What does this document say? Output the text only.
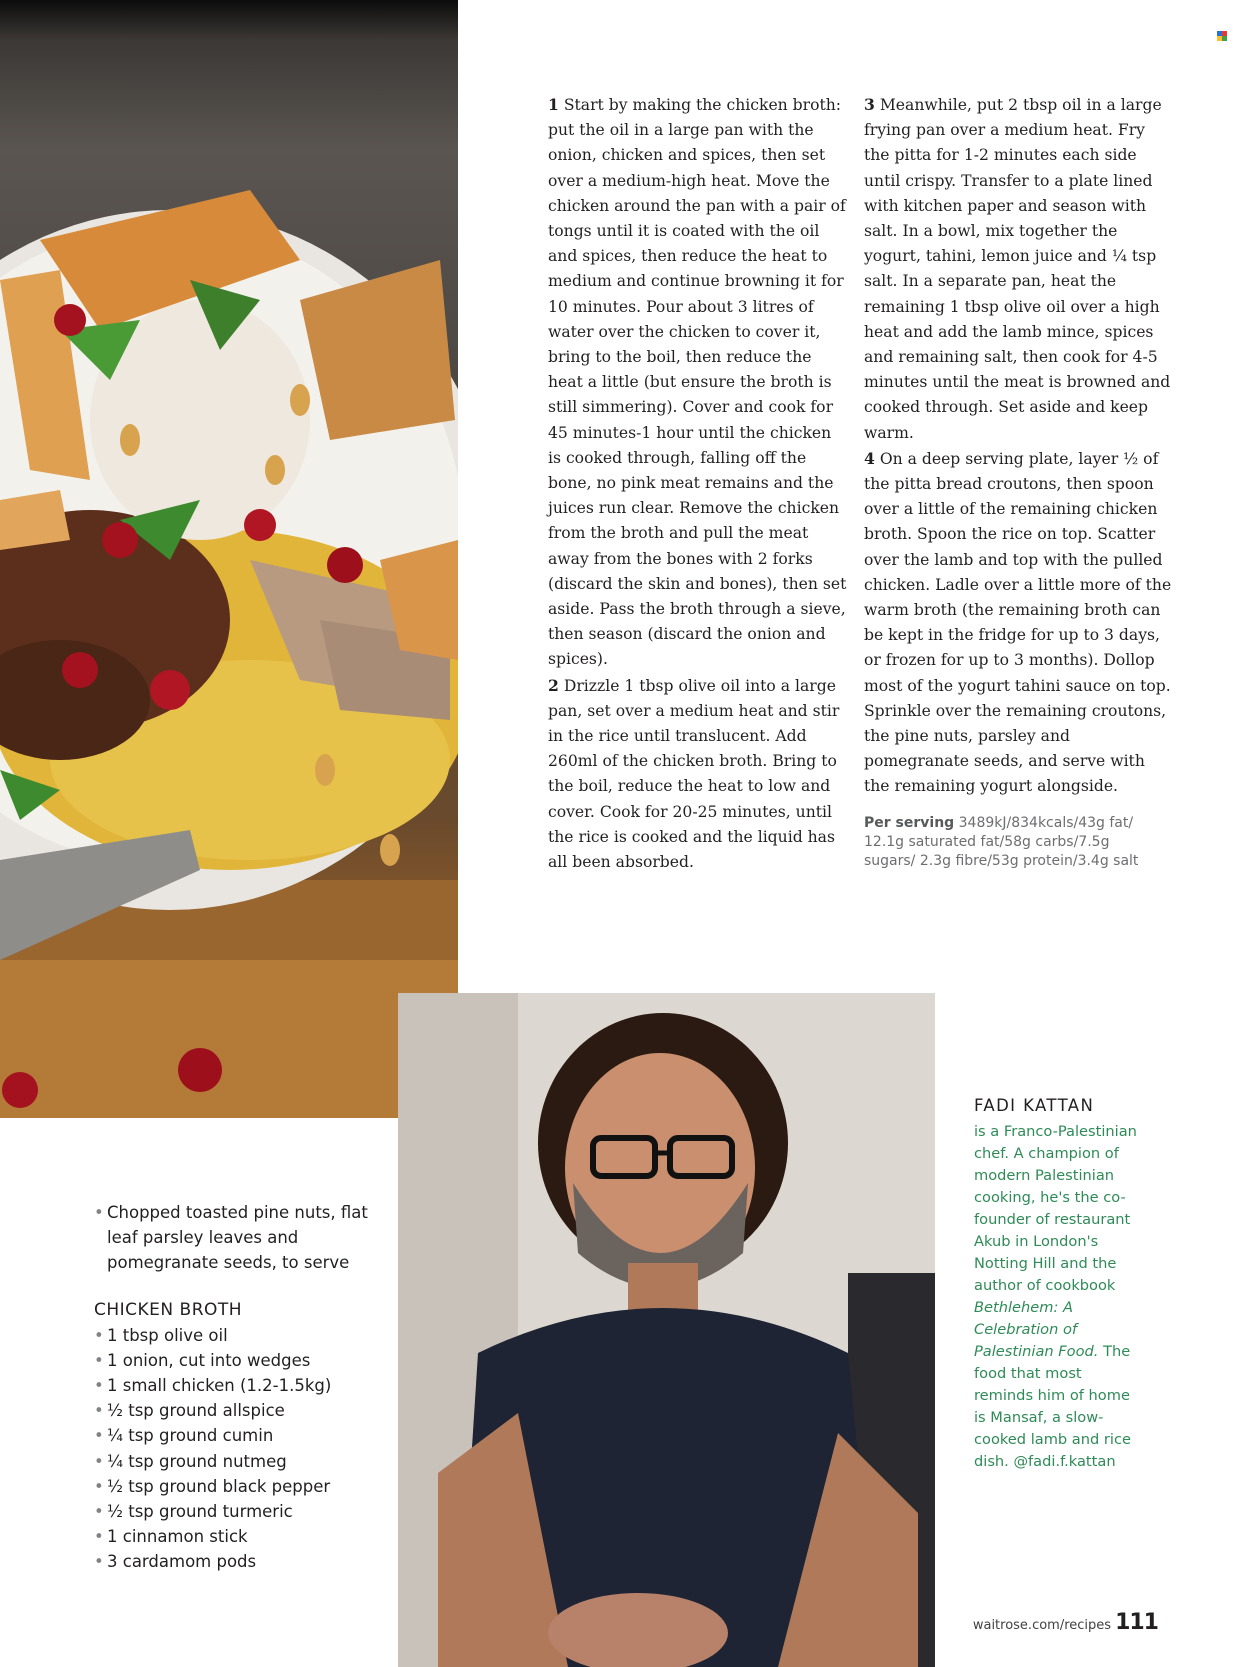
1 Start by making the chicken broth: put the oil in a large pan with the onion, chicken and spices, then set over a medium-high heat. Move the chicken around the pan with a pair of tongs until it is coated with the oil and spices, then reduce the heat to medium and continue browning it for 10 minutes. Pour about 3 litres of water over the chicken to cover it, bring to the boil, then reduce the heat a little (but ensure the broth is still simmering). Cover and cook for 45 minutes-1 hour until the chicken is cooked through, falling off the bone, no pink meat remains and the juices run clear. Remove the chicken from the broth and pull the meat away from the bones with 2 forks (discard the skin and bones), then set aside. Pass the broth through a sieve, then season (discard the onion and spices).

2 Drizzle 1 tbsp olive oil into a large pan, set over a medium heat and stir in the rice until translucent. Add 260ml of the chicken broth. Bring to the boil, reduce the heat to low and cover. Cook for 20-25 minutes, until the rice is cooked and the liquid has all been absorbed.

3 Meanwhile, put 2 tbsp oil in a large frying pan over a medium heat. Fry the pitta for 1-2 minutes each side until crispy. Transfer to a plate lined with kitchen paper and season with salt. In a bowl, mix together the yogurt, tahini, lemon juice and ¼ tsp salt. In a separate pan, heat the remaining 1 tbsp olive oil over a high heat and add the lamb mince, spices and remaining salt, then cook for 4-5 minutes until the meat is browned and cooked through. Set aside and keep warm.

4 On a deep serving plate, layer ½ of the pitta bread croutons, then spoon over a little of the remaining chicken broth. Spoon the rice on top. Scatter over the lamb and top with the pulled chicken. Ladle over a little more of the warm broth (the remaining broth can be kept in the fridge for up to 3 days, or frozen for up to 3 months). Dollop most of the yogurt tahini sauce on top. Sprinkle over the remaining croutons, the pine nuts, parsley and pomegranate seeds, and serve with the remaining yogurt alongside.

Per serving 3489kJ/834kcals/43g fat/ 12.1g saturated fat/58g carbs/7.5g sugars/ 2.3g fibre/53g protein/3.4g salt

• Chopped toasted pine nuts, flat leaf parsley leaves and pomegranate seeds, to serve

CHICKEN BROTH

• 1 tbsp olive oil

• 1 onion, cut into wedges

• 1 small chicken (1.2-1.5kg)

• ½ tsp ground allspice

• ¼ tsp ground cumin

• ¼ tsp ground nutmeg

• ½ tsp ground black pepper

• ½ tsp ground turmeric

• 1 cinnamon stick

• 3 cardamom pods

FADI KATTAN

is a Franco-Palestinian chef. A champion of modern Palestinian cooking, he's the co-founder of restaurant Akub in London's Notting Hill and the author of cookbook Bethlehem: A Celebration of Palestinian Food. The food that most reminds him of home is Mansaf, a slow-cooked lamb and rice dish. @fadi.f.kattan

waitrose.com/recipes 111
